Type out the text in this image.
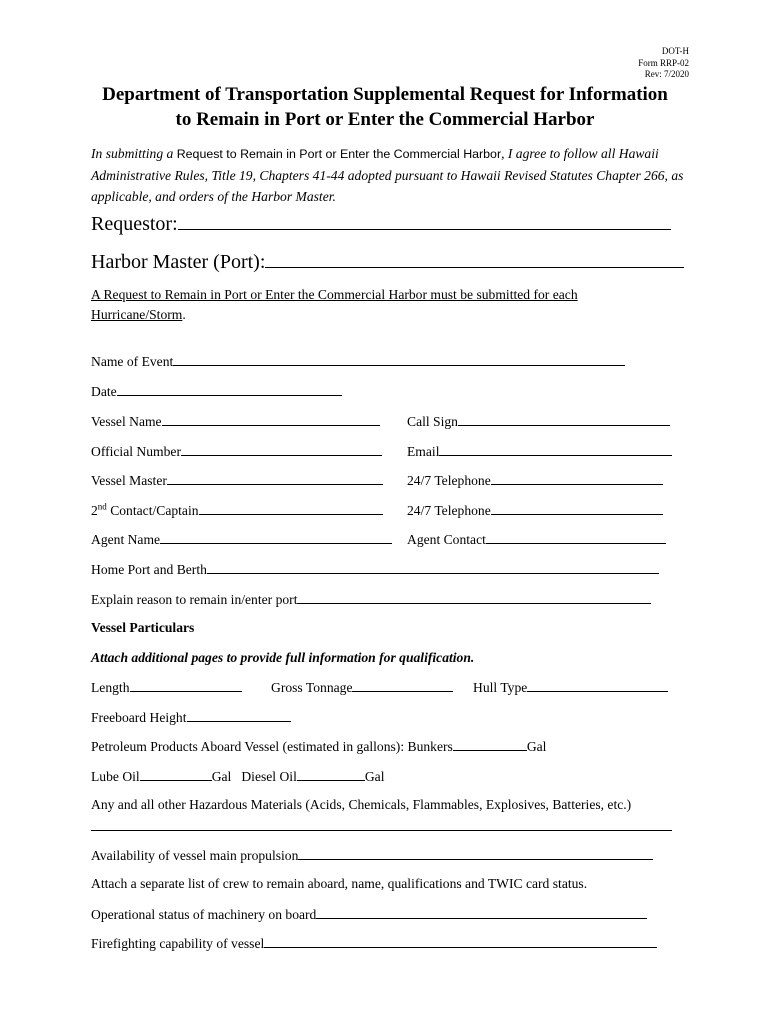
DOT-H
Form RRP-02
Rev: 7/2020
Department of Transportation Supplemental Request for Information
to Remain in Port or Enter the Commercial Harbor
In submitting a Request to Remain in Port or Enter the Commercial Harbor, I agree to follow all Hawaii Administrative Rules, Title 19, Chapters 41-44 adopted pursuant to Hawaii Revised Statutes Chapter 266, as applicable, and orders of the Harbor Master.
Requestor:
Harbor Master (Port):
A Request to Remain in Port or Enter the Commercial Harbor must be submitted for each Hurricane/Storm.
Name of Event
Date
Vessel Name	Call Sign
Official Number	Email
Vessel Master	24/7 Telephone
2nd Contact/Captain	24/7 Telephone
Agent Name	Agent Contact
Home Port and Berth
Explain reason to remain in/enter port
Vessel Particulars
Attach additional pages to provide full information for qualification.
Length	Gross Tonnage	Hull Type
Freeboard Height
Petroleum Products Aboard Vessel (estimated in gallons): Bunkers	Gal
Lube Oil	Gal Diesel Oil	Gal
Any and all other Hazardous Materials (Acids, Chemicals, Flammables, Explosives, Batteries, etc.)
Availability of vessel main propulsion
Attach a separate list of crew to remain aboard, name, qualifications and TWIC card status.
Operational status of machinery on board
Firefighting capability of vessel
